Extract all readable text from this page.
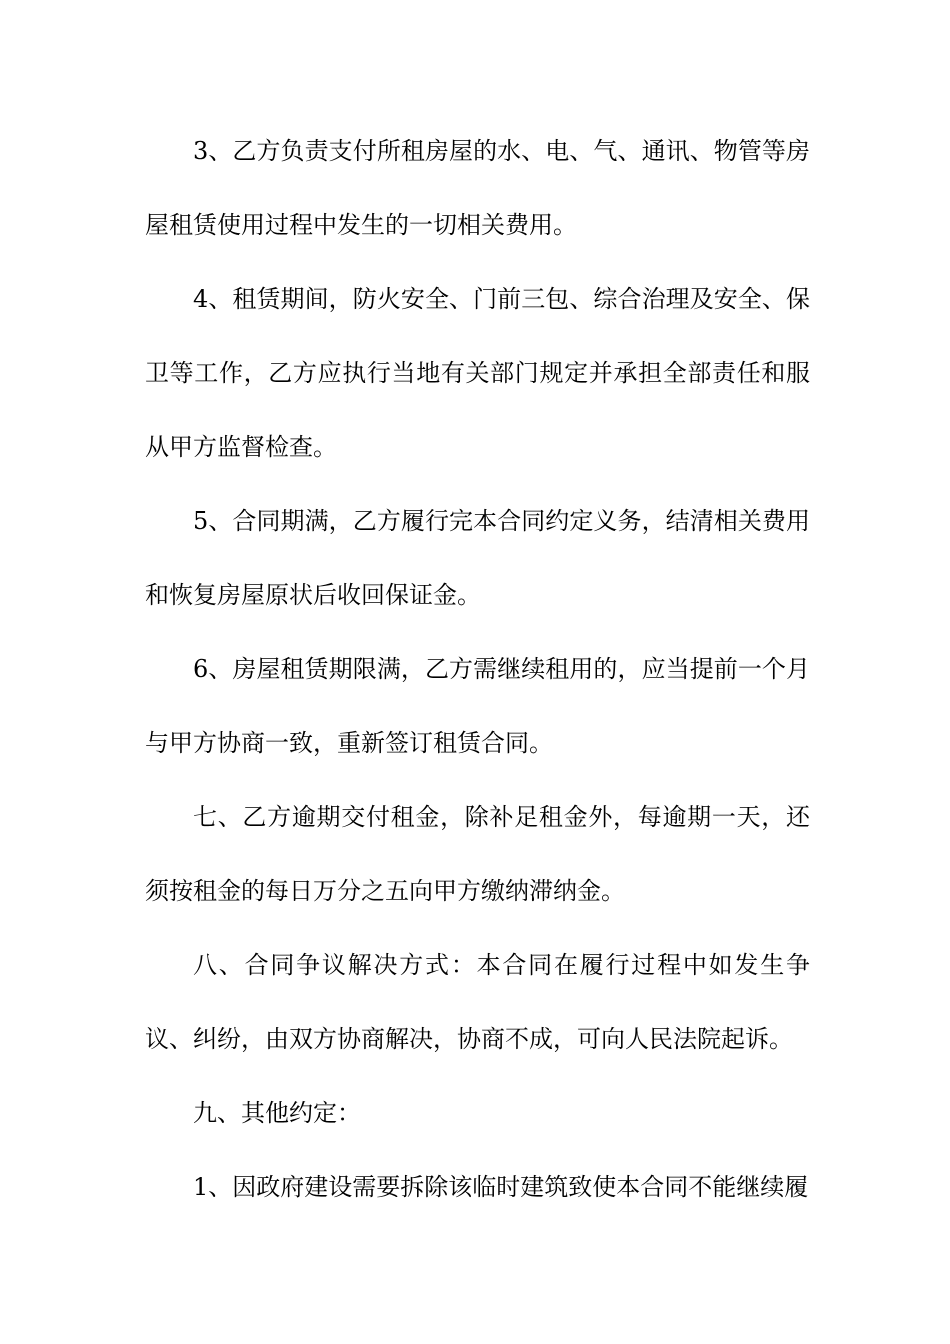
3、乙方负责支付所租房屋的水、电、气、通讯、物管等房屋租赁使用过程中发生的一切相关费用。

4、租赁期间，防火安全、门前三包、综合治理及安全、保卫等工作，乙方应执行当地有关部门规定并承担全部责任和服从甲方监督检查。

5、合同期满，乙方履行完本合同约定义务，结清相关费用和恢复房屋原状后收回保证金。

6、房屋租赁期限满，乙方需继续租用的，应当提前一个月与甲方协商一致，重新签订租赁合同。

七、乙方逾期交付租金，除补足租金外，每逾期一天，还须按租金的每日万分之五向甲方缴纳滞纳金。

八、合同争议解决方式：本合同在履行过程中如发生争议、纠纷，由双方协商解决，协商不成，可向人民法院起诉。

九、其他约定：

1、因政府建设需要拆除该临时建筑致使本合同不能继续履
